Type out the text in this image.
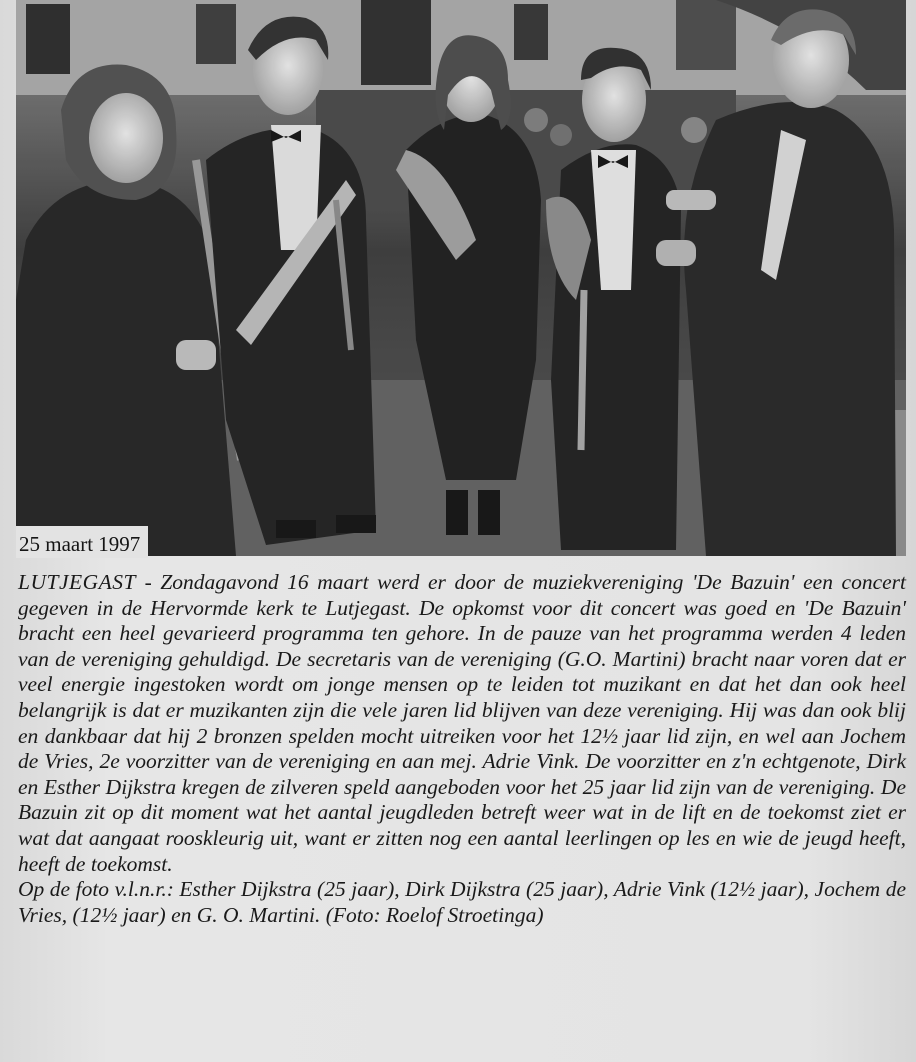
25 maart 1997

LUTJEGAST - Zondagavond 16 maart werd er door de muziekvereniging 'De Bazuin' een concert gegeven in de Hervormde kerk te Lutjegast. De opkomst voor dit concert was goed en 'De Bazuin' bracht een heel gevarieerd programma ten gehore. In de pauze van het programma werden 4 leden van de vereniging gehuldigd. De secretaris van de vereniging (G.O. Martini) bracht naar voren dat er veel energie ingestoken wordt om jonge mensen op te leiden tot muzikant en dat het dan ook heel belangrijk is dat er muzikanten zijn die vele jaren lid blijven van deze vereniging. Hij was dan ook blij en dankbaar dat hij 2 bronzen spelden mocht uitreiken voor het 12½ jaar lid zijn, en wel aan Jochem de Vries, 2e voorzitter van de vereniging en aan mej. Adrie Vink. De voorzitter en z'n echtgenote, Dirk en Esther Dijkstra kregen de zilveren speld aangeboden voor het 25 jaar lid zijn van de vereniging. De Bazuin zit op dit moment wat het aantal jeugdleden betreft weer wat in de lift en de toekomst ziet er wat dat aangaat rooskleurig uit, want er zitten nog een aantal leerlingen op les en wie de jeugd heeft, heeft de toekomst.

Op de foto v.l.n.r.: Esther Dijkstra (25 jaar), Dirk Dijkstra (25 jaar), Adrie Vink (12½ jaar), Jochem de Vries, (12½ jaar) en G. O. Martini. (Foto: Roelof Stroetinga)
